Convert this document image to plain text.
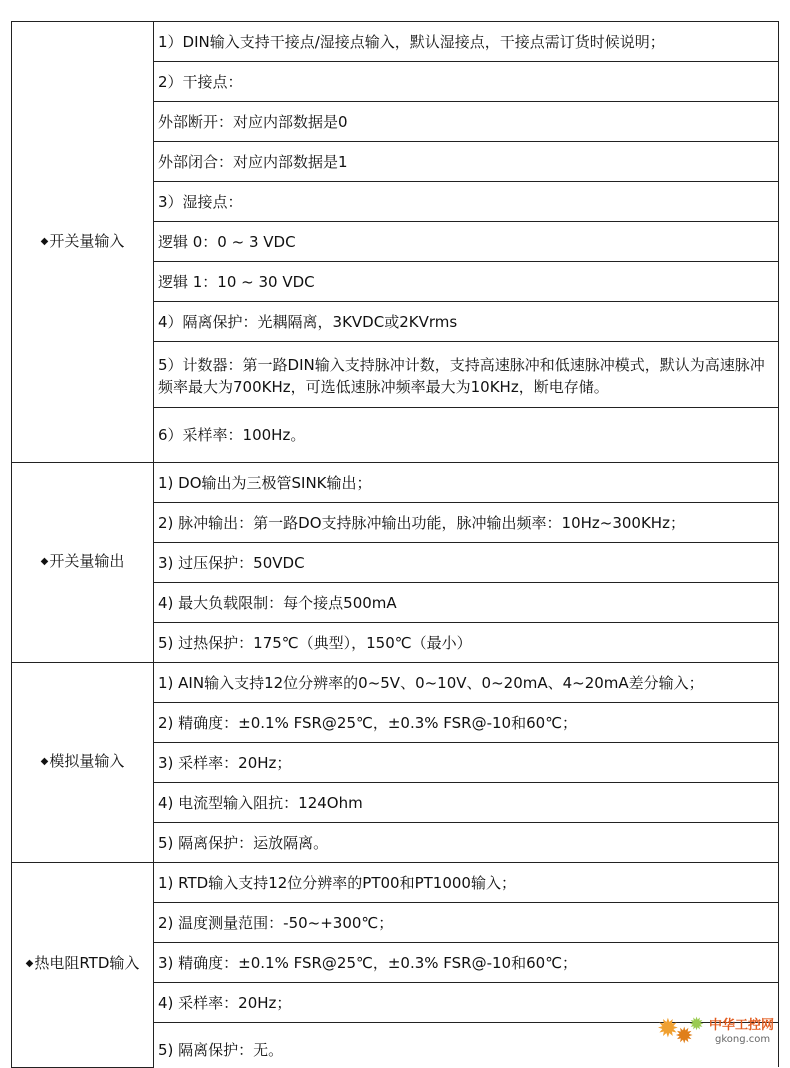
◆开关量输入	1）DIN输入支持干接点/湿接点输入，默认湿接点，干接点需订货时候说明；
	2）干接点：
	外部断开：对应内部数据是0
	外部闭合：对应内部数据是1
	3）湿接点：
	逻辑 0：0 ~ 3 VDC
	逻辑 1：10 ~ 30 VDC
	4）隔离保护：光耦隔离，3KVDC或2KVrms
	5）计数器：第一路DIN输入支持脉冲计数，支持高速脉冲和低速脉冲模式，默认为高速脉冲频率最大为700KHz，可选低速脉冲频率最大为10KHz，断电存储。
	6）采样率：100Hz。
◆开关量输出	1) DO输出为三极管SINK输出；
	2) 脉冲输出：第一路DO支持脉冲输出功能，脉冲输出频率：10Hz~300KHz；
	3) 过压保护：50VDC
	4) 最大负载限制：每个接点500mA
	5) 过热保护：175℃（典型），150℃（最小）
◆模拟量输入	1) AIN输入支持12位分辨率的0~5V、0~10V、0~20mA、4~20mA差分输入；
	2) 精确度：±0.1% FSR@25℃，±0.3% FSR@-10和60℃；
	3) 采样率：20Hz；
	4) 电流型输入阻抗：124Ohm
	5) 隔离保护：运放隔离。
◆热电阻RTD输入	1) RTD输入支持12位分辨率的PT00和PT1000输入；
	2) 温度测量范围：-50~+300℃；
	3) 精确度：±0.1% FSR@25℃，±0.3% FSR@-10和60℃；
	4) 采样率：20Hz；
	5) 隔离保护：无。
✹
✹
✹ 中华工控网
gkong.com
